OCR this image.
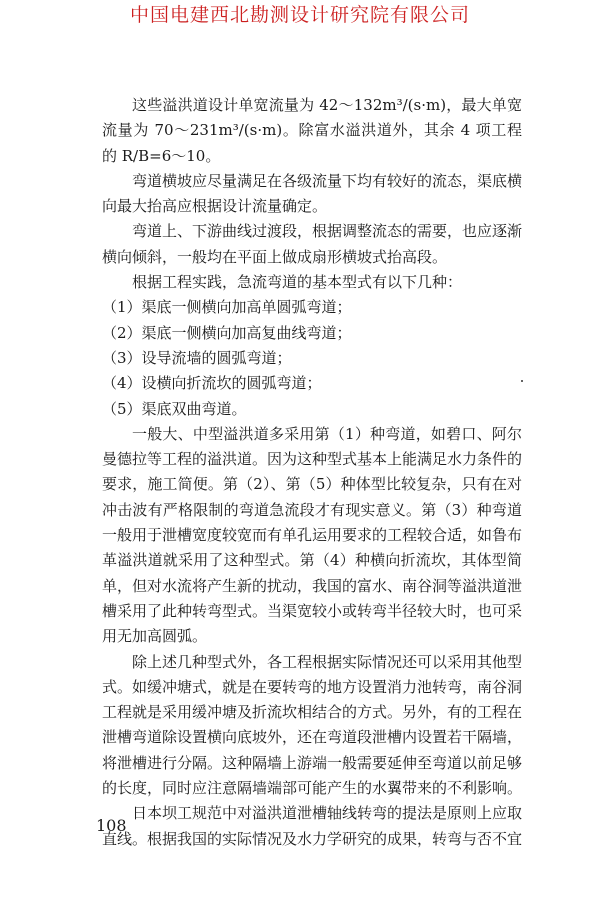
中国电建西北勘测设计研究院有限公司

这些溢洪道设计单宽流量为 42～132m³/(s·m)，最大单宽流量为 70～231m³/(s·m)。除富水溢洪道外，其余 4 项工程的 R/B=6～10。

弯道横坡应尽量满足在各级流量下均有较好的流态，渠底横向最大抬高应根据设计流量确定。

弯道上、下游曲线过渡段，根据调整流态的需要，也应逐渐横向倾斜，一般均在平面上做成扇形横坡式抬高段。

根据工程实践，急流弯道的基本型式有以下几种：

（1）渠底一侧横向加高单圆弧弯道；

（2）渠底一侧横向加高复曲线弯道；

（3）设导流墙的圆弧弯道；

（4）设横向折流坎的圆弧弯道；

（5）渠底双曲弯道。

一般大、中型溢洪道多采用第（1）种弯道，如碧口、阿尔曼德拉等工程的溢洪道。因为这种型式基本上能满足水力条件的要求，施工简便。第（2）、第（5）种体型比较复杂，只有在对冲击波有严格限制的弯道急流段才有现实意义。第（3）种弯道一般用于泄槽宽度较宽而有单孔运用要求的工程较合适，如鲁布革溢洪道就采用了这种型式。第（4）种横向折流坎，其体型简单，但对水流将产生新的扰动，我国的富水、南谷洞等溢洪道泄槽采用了此种转弯型式。当渠宽较小或转弯半径较大时，也可采用无加高圆弧。

除上述几种型式外，各工程根据实际情况还可以采用其他型式。如缓冲塘式，就是在要转弯的地方设置消力池转弯，南谷洞工程就是采用缓冲塘及折流坎相结合的方式。另外，有的工程在泄槽弯道除设置横向底坡外，还在弯道段泄槽内设置若干隔墙，将泄槽进行分隔。这种隔墙上游端一般需要延伸至弯道以前足够的长度，同时应注意隔墙端部可能产生的水翼带来的不利影响。

日本坝工规范中对溢洪道泄槽轴线转弯的提法是原则上应取直线。根据我国的实际情况及水力学研究的成果，转弯与否不宜

108
